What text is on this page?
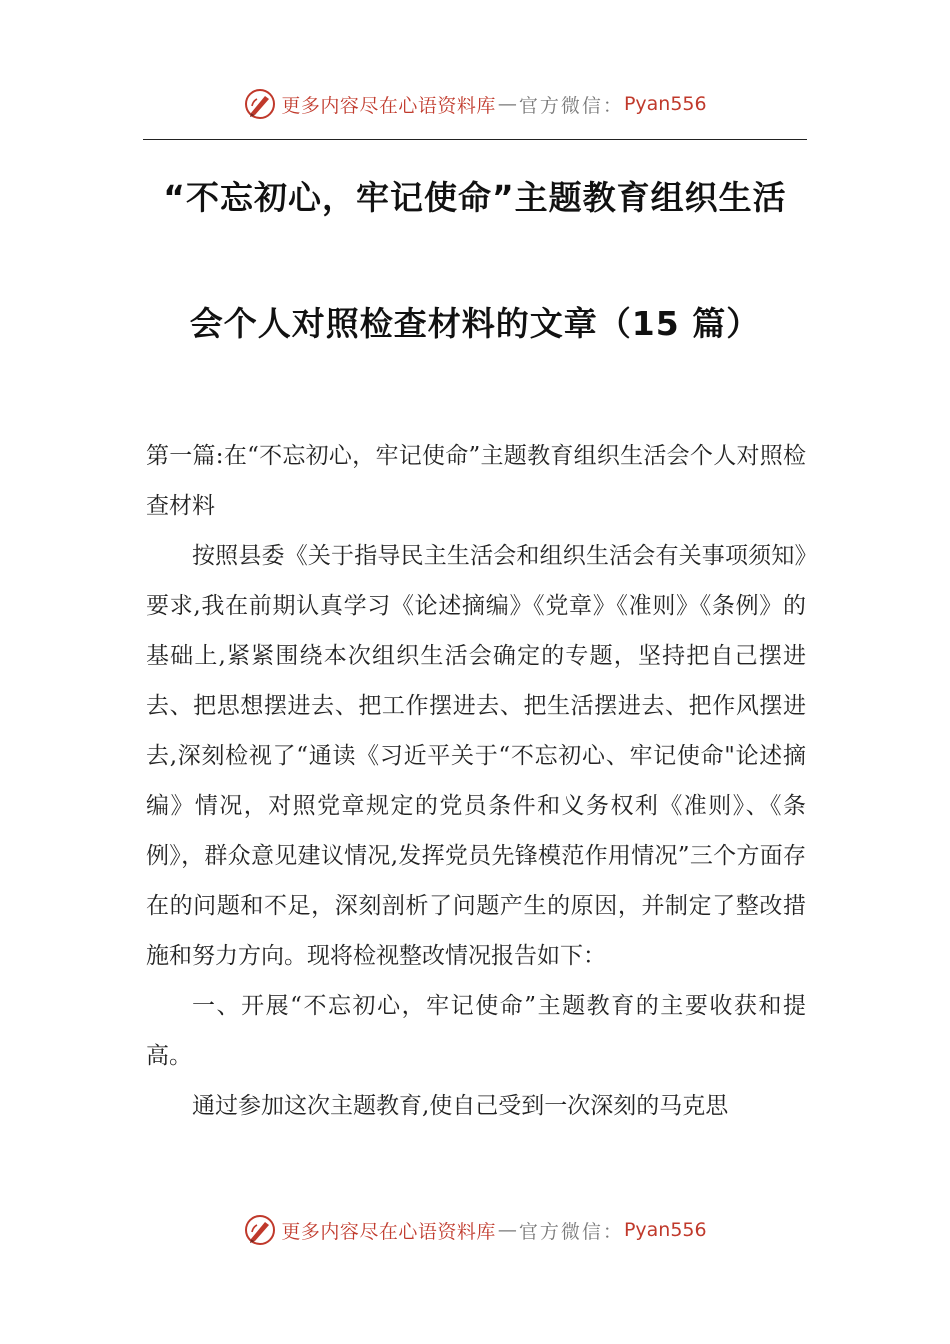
更多内容尽在心语资料库 — 官方微信： Pyan556
“不忘初心，牢记使命”主题教育组织生活
会个人对照检查材料的文章（15 篇）

第一篇:在“不忘初心，牢记使命”主题教育组织生活会个人对照检查材料

按照县委《关于指导民主生活会和组织生活会有关事项须知》要求,我在前期认真学习《论述摘编》《党章》《准则》《条例》的基础上,紧紧围绕本次组织生活会确定的专题，坚持把自己摆进去、把思想摆进去、把工作摆进去、把生活摆进去、把作风摆进去,深刻检视了“通读《习近平关于“不忘初心、牢记使命"论述摘编》情况，对照党章规定的党员条件和义务权利《准则》、《条例》，群众意见建议情况,发挥党员先锋模范作用情况”三个方面存在的问题和不足，深刻剖析了问题产生的原因，并制定了整改措施和努力方向。现将检视整改情况报告如下：

一、开展“不忘初心，牢记使命”主题教育的主要收获和提高。

通过参加这次主题教育,使自己受到一次深刻的马克思

更多内容尽在心语资料库 — 官方微信： Pyan556
